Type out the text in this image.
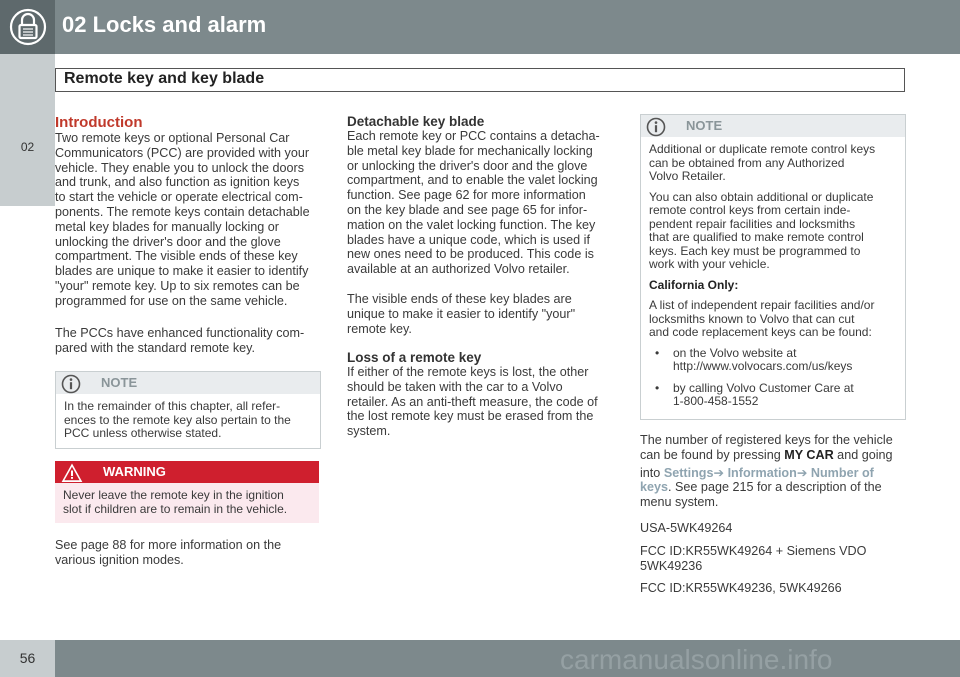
02 Locks and alarm
Remote key and key blade
02
Introduction
Two remote keys or optional Personal Car
Communicators (PCC) are provided with your
vehicle. They enable you to unlock the doors
and trunk, and also function as ignition keys
to start the vehicle or operate electrical com-
ponents. The remote keys contain detachable
metal key blades for manually locking or
unlocking the driver's door and the glove
compartment. The visible ends of these key
blades are unique to make it easier to identify
"your" remote key. Up to six remotes can be
programmed for use on the same vehicle.
The PCCs have enhanced functionality com-
pared with the standard remote key.
NOTE
In the remainder of this chapter, all refer-
ences to the remote key also pertain to the
PCC unless otherwise stated.
WARNING
Never leave the remote key in the ignition
slot if children are to remain in the vehicle.
See page 88 for more information on the
various ignition modes.
Detachable key blade
Each remote key or PCC contains a detacha-
ble metal key blade for mechanically locking
or unlocking the driver's door and the glove
compartment, and to enable the valet locking
function. See page 62 for more information
on the key blade and see page 65 for infor-
mation on the valet locking function. The key
blades have a unique code, which is used if
new ones need to be produced. This code is
available at an authorized Volvo retailer.
The visible ends of these key blades are
unique to make it easier to identify "your"
remote key.
Loss of a remote key
If either of the remote keys is lost, the other
should be taken with the car to a Volvo
retailer. As an anti-theft measure, the code of
the lost remote key must be erased from the
system.
NOTE

Additional or duplicate remote control keys
can be obtained from any Authorized
Volvo Retailer.

You can also obtain additional or duplicate
remote control keys from certain inde-
pendent repair facilities and locksmiths
that are qualified to make remote control
keys. Each key must be programmed to
work with your vehicle.

California Only:

A list of independent repair facilities and/or
locksmiths known to Volvo that can cut
and code replacement keys can be found:

• on the Volvo website at
http://www.volvocars.com/us/keys
• by calling Volvo Customer Care at
1-800-458-1552
The number of registered keys for the vehicle
can be found by pressing MY CAR and going
into Settings➔ Information➔ Number of
keys. See page 215 for a description of the
menu system.
USA-5WK49264
FCC ID:KR55WK49264 + Siemens VDO
5WK49236
FCC ID:KR55WK49236, 5WK49266
56	carmanualsonline.info
